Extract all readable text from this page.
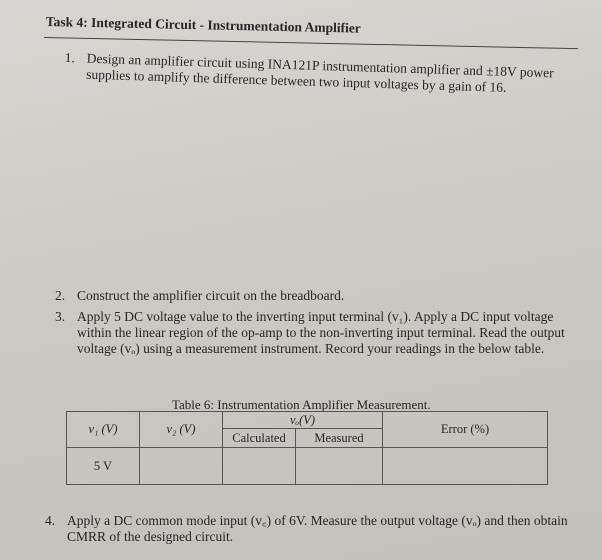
Task 4: Integrated Circuit - Instrumentation Amplifier
1. Design an amplifier circuit using INA121P instrumentation amplifier and ±18V power supplies to amplify the difference between two input voltages by a gain of 16.
2. Construct the amplifier circuit on the breadboard.
3. Apply 5 DC voltage value to the inverting input terminal (v₁). Apply a DC input voltage within the linear region of the op-amp to the non-inverting input terminal. Read the output voltage (vₒ) using a measurement instrument. Record your readings in the below table.
Table 6: Instrumentation Amplifier Measurement.
v₁ (V)	v₂ (V)	vₒ(V)		Error (%)
		Calculated	Measured	
5 V				
4. Apply a DC common mode input (v꜀) of 6V. Measure the output voltage (vₒ) and then obtain CMRR of the designed circuit.
